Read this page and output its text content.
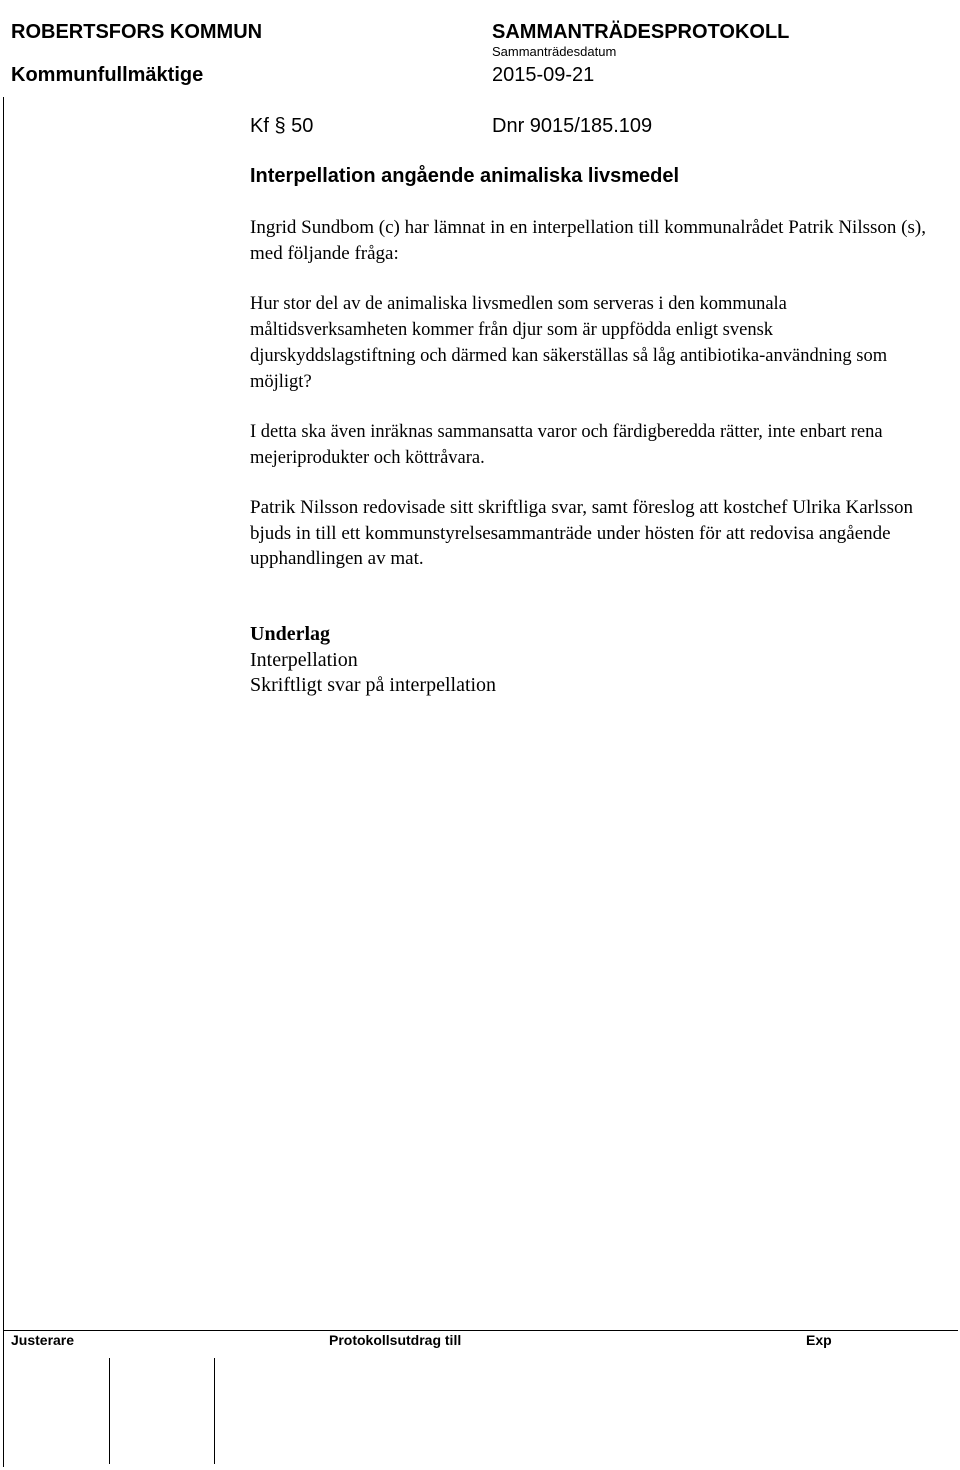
ROBERTSFORS KOMMUN	SAMMANTRÄDESPROTOKOLL
Sammanträdesdatum
Kommunfullmäktige	2015-09-21
Kf § 50	Dnr 9015/185.109
Interpellation angående animaliska livsmedel
Ingrid Sundbom (c) har lämnat in en interpellation till kommunalrådet Patrik Nilsson (s), med följande fråga:
Hur stor del av de animaliska livsmedlen som serveras i den kommunala måltidsverksamheten kommer från djur som är uppfödda enligt svensk djurskyddslagstiftning och därmed kan säkerställas så låg antibiotika-användning som möjligt?
I detta ska även inräknas sammansatta varor och färdigberedda rätter, inte enbart rena mejeriprodukter och köttråvara.
Patrik Nilsson redovisade sitt skriftliga svar, samt föreslog att kostchef Ulrika Karlsson bjuds in till ett kommunstyrelsesammanträde under hösten för att redovisa angående upphandlingen av mat.
Underlag
Interpellation
Skriftligt svar på interpellation
Justerare	Protokollsutdrag till	Exp
